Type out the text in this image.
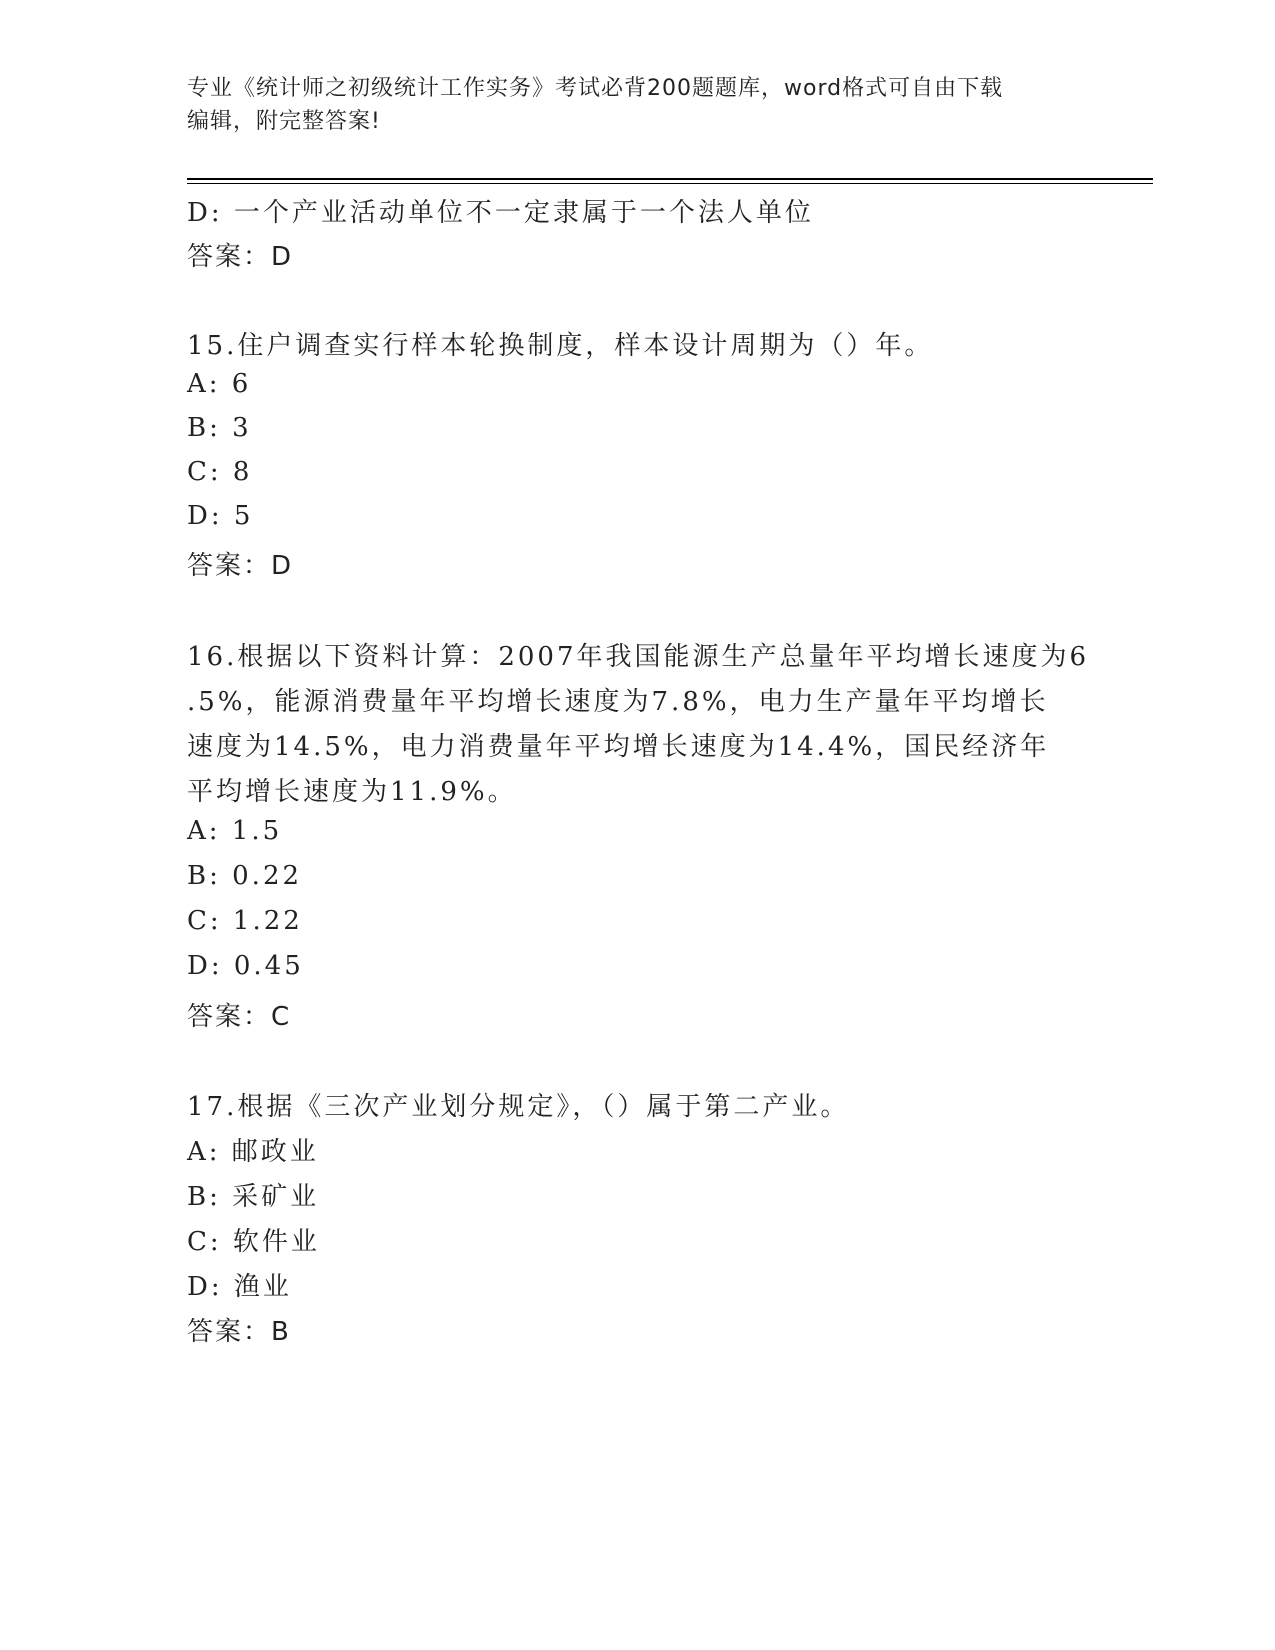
专业《统计师之初级统计工作实务》考试必背200题题库，word格式可自由下载
编辑，附完整答案!
D: 一个产业活动单位不一定隶属于一个法人单位
答案：D
15.住户调查实行样本轮换制度，样本设计周期为（）年。
A: 6
B: 3
C: 8
D: 5
答案：D
16.根据以下资料计算：2007年我国能源生产总量年平均增长速度为6
.5%，能源消费量年平均增长速度为7.8%，电力生产量年平均增长
速度为14.5%，电力消费量年平均增长速度为14.4%，国民经济年
平均增长速度为11.9%。
A: 1.5
B: 0.22
C: 1.22
D: 0.45
答案：C
17.根据《三次产业划分规定》，（）属于第二产业。
A: 邮政业
B: 采矿业
C: 软件业
D: 渔业
答案：B
